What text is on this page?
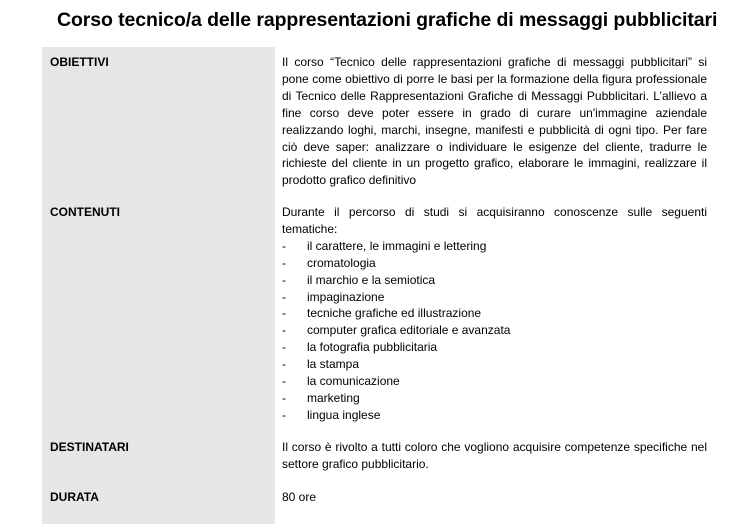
Corso tecnico/a delle rappresentazioni grafiche di messaggi pubblicitari
OBIETTIVI	Il corso “Tecnico delle rappresentazioni grafiche di messaggi pubblicitari” si pone come obiettivo di porre le basi per la formazione della figura professionale di Tecnico delle Rappresentazioni Grafiche di Messaggi Pubblicitari. L’allievo a fine corso deve poter essere in grado di curare un'immagine aziendale realizzando loghi, marchi, insegne, manifesti e pubblicità di ogni tipo. Per fare ciò deve saper: analizzare o individuare le esigenze del cliente, tradurre le richieste del cliente in un progetto grafico, elaborare le immagini, realizzare il prodotto grafico definitivo
CONTENUTI	Durante il percorso di studi si acquisiranno conoscenze sulle seguenti tematiche:
- il carattere, le immagini e lettering
- cromatologia
- il marchio e la semiotica
- impaginazione
- tecniche grafiche ed illustrazione
- computer grafica editoriale e avanzata
- la fotografia pubblicitaria
- la stampa
- la comunicazione
- marketing
- lingua inglese
DESTINATARI	Il corso è rivolto a tutti coloro che vogliono acquisire competenze specifiche nel settore grafico pubblicitario.
DURATA	80 ore
